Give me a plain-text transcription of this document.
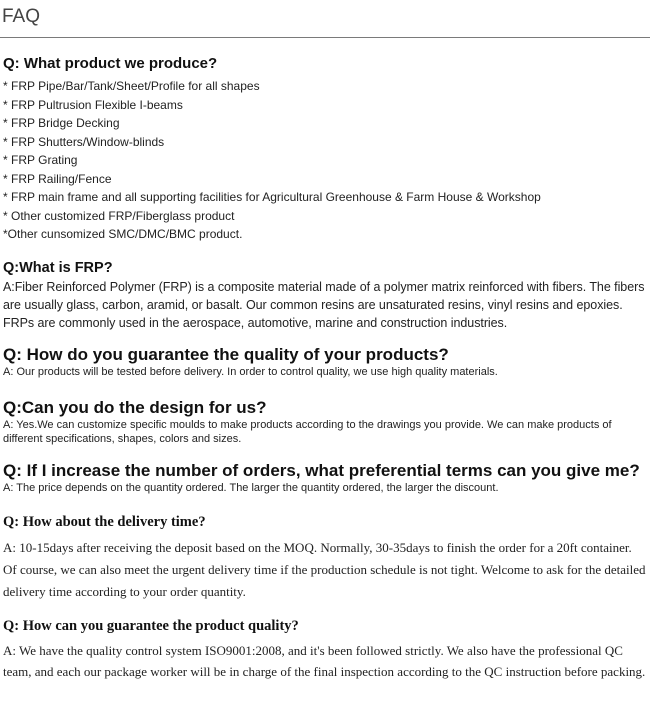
FAQ
Q: What product we produce?
* FRP Pipe/Bar/Tank/Sheet/Profile for all shapes
* FRP Pultrusion Flexible I-beams
* FRP Bridge Decking
* FRP Shutters/Window-blinds
* FRP Grating
* FRP Railing/Fence
* FRP main frame and all supporting facilities for Agricultural Greenhouse & Farm House & Workshop
* Other customized FRP/Fiberglass product
*Other cunsomized SMC/DMC/BMC product.
Q:What is FRP?

A:Fiber Reinforced Polymer (FRP) is a composite material made of a polymer matrix reinforced with fibers. The fibers are usually glass, carbon, aramid, or basalt. Our common resins are unsaturated resins, vinyl resins and epoxies. FRPs are commonly used in the aerospace, automotive, marine and construction industries.

Q: How do you guarantee the quality of your products?

A: Our products will be tested before delivery. In order to control quality, we use high quality materials.

Q:Can you do the design for us?

A: Yes.We can customize specific moulds to make products according to the drawings you provide. We can make products of different specifications, shapes, colors and sizes.

Q: If I increase the number of orders, what preferential terms can you give me?

A: The price depends on the quantity ordered. The larger the quantity ordered, the larger the discount.

Q: How about the delivery time?

A: 10-15days after receiving the deposit based on the MOQ. Normally, 30-35days to finish the order for a 20ft container. Of course, we can also meet the urgent delivery time if the production schedule is not tight. Welcome to ask for the detailed delivery time according to your order quantity.

Q: How can you guarantee the product quality?

A: We have the quality control system ISO9001:2008, and it's been followed strictly. We also have the professional QC team, and each our package worker will be in charge of the final inspection according to the QC instruction before packing.
